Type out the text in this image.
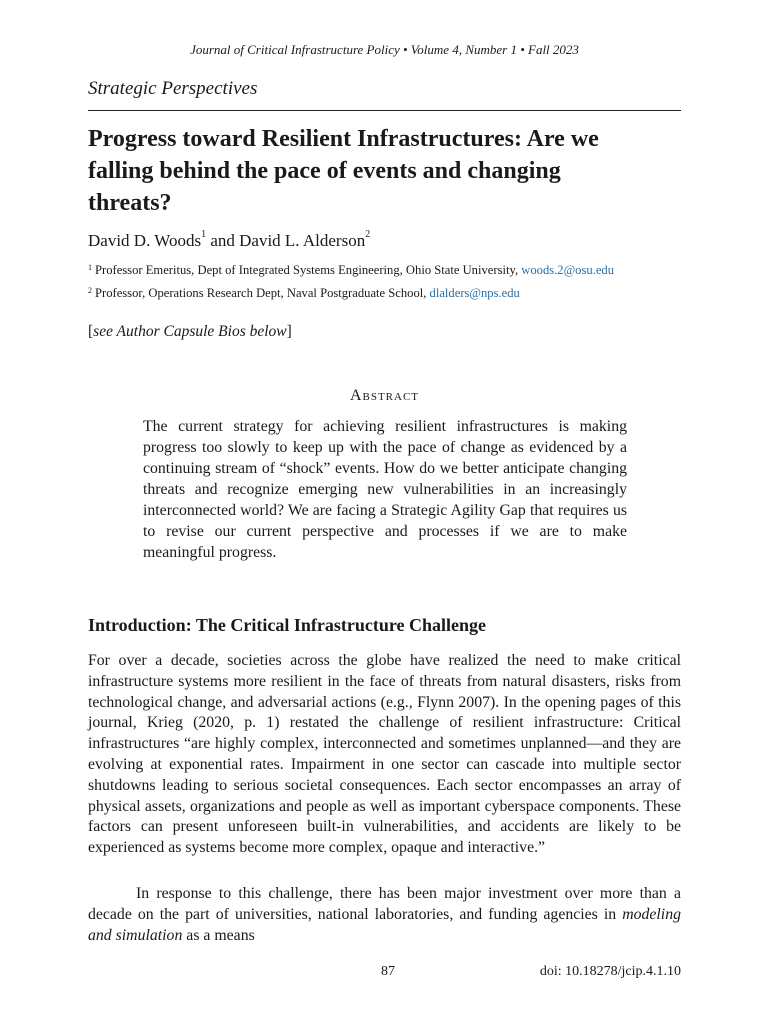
Journal of Critical Infrastructure Policy • Volume 4, Number 1 • Fall 2023
Strategic Perspectives
Progress toward Resilient Infrastructures: Are we falling behind the pace of events and changing threats?
David D. Woods$^1$ and David L. Alderson$^2$
$^1$ Professor Emeritus, Dept of Integrated Systems Engineering, Ohio State University, woods.2@osu.edu
$^2$ Professor, Operations Research Dept, Naval Postgraduate School, dlalders@nps.edu
[see Author Capsule Bios below]
Abstract

The current strategy for achieving resilient infrastructures is making progress too slowly to keep up with the pace of change as evidenced by a continuing stream of “shock” events. How do we better anticipate changing threats and recognize emerging new vulnerabilities in an increasingly interconnected world? We are facing a Strategic Agility Gap that requires us to revise our current perspective and processes if we are to make meaningful progress.

Introduction: The Critical Infrastructure Challenge

For over a decade, societies across the globe have realized the need to make critical infrastructure systems more resilient in the face of threats from natural disasters, risks from technological change, and adversarial actions (e.g., Flynn 2007). In the opening pages of this journal, Krieg (2020, p. 1) restated the challenge of resilient infrastructure: Critical infrastructures “are highly complex, interconnected and sometimes unplanned—and they are evolving at exponential rates. Impairment in one sector can cascade into multiple sector shutdowns leading to serious societal consequences. Each sector encompasses an array of physical assets, organizations and people as well as important cyberspace components. These factors can present unforeseen built-in vulnerabilities, and accidents are likely to be experienced as systems become more complex, opaque and interactive.”

In response to this challenge, there has been major investment over more than a decade on the part of universities, national laboratories, and funding agencies in modeling and simulation as a means

87	doi: 10.18278/jcip.4.1.10
